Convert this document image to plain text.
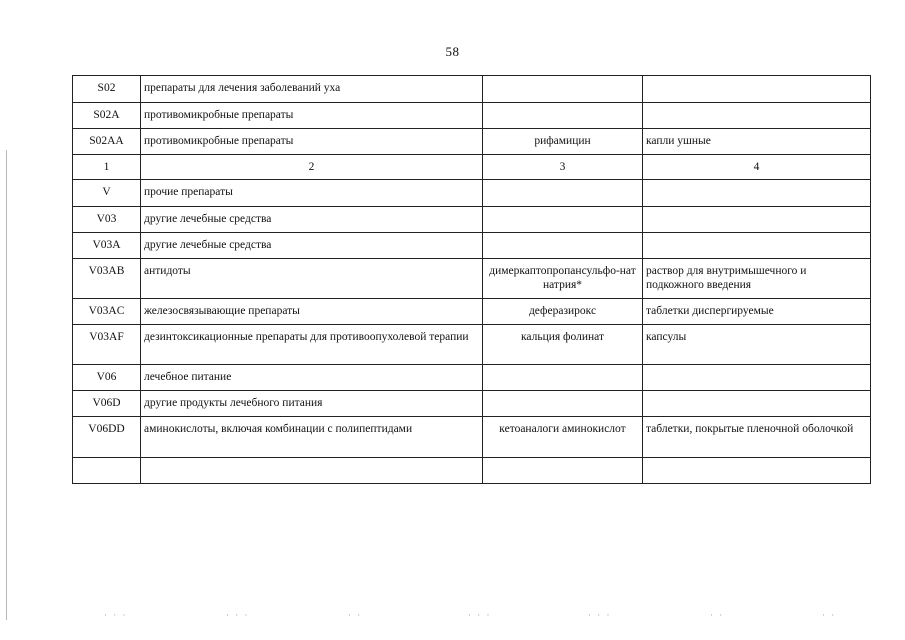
58
S02	препараты для лечения заболеваний уха		
S02A	противомикробные препараты		
S02AA	противомикробные препараты	рифамицин	капли ушные
1	2	3	4
V	прочие препараты		
V03	другие лечебные средства		
V03A	другие лечебные средства		
V03AB	антидоты	димеркаптопропансульфо-нат натрия*	раствор для внутримышечного и подкожного введения
V03AC	железосвязывающие препараты	деферазирокс	таблетки диспергируемые
V03AF	дезинтоксикационные препараты для противоопухолевой терапии	кальция фолинат	капсулы
V06	лечебное питание		
V06D	другие продукты лечебного питания		
V06DD	аминокислоты, включая комбинации с полипептидами	кетоаналоги аминокислот	таблетки, покрытые пленочной оболочкой

· · ·	· · ·	· ·	· · ·	· · ·	· ·	· ·
